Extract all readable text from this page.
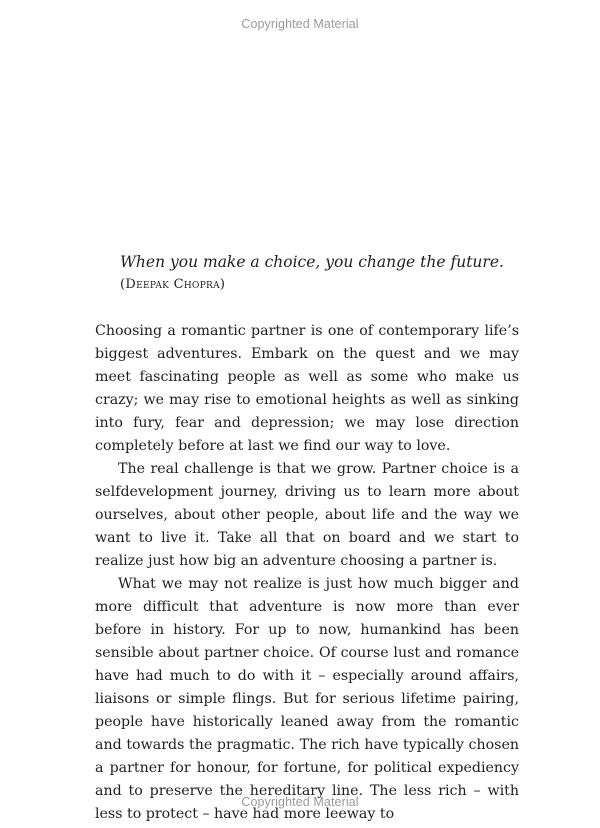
Copyrighted Material

When you make a choice, you change the future.

(Deepak Chopra)

Choosing a romantic partner is one of contemporary life’s biggest adventures. Embark on the quest and we may meet fascinating people as well as some who make us crazy; we may rise to emotional heights as well as sinking into fury, fear and depression; we may lose direction completely before at last we find our way to love.

The real challenge is that we grow. Partner choice is a selfdevelopment journey, driving us to learn more about ourselves, about other people, about life and the way we want to live it. Take all that on board and we start to realize just how big an adventure choosing a partner is.

What we may not realize is just how much bigger and more difficult that adventure is now more than ever before in history. For up to now, humankind has been sensible about partner choice. Of course lust and romance have had much to do with it – especially around affairs, liaisons or simple flings. But for serious lifetime pairing, people have historically leaned away from the romantic and towards the pragmatic. The rich have typically chosen a partner for honour, for fortune, for political expediency and to preserve the hereditary line. The less rich – with less to protect – have had more leeway to

Copyrighted Material
